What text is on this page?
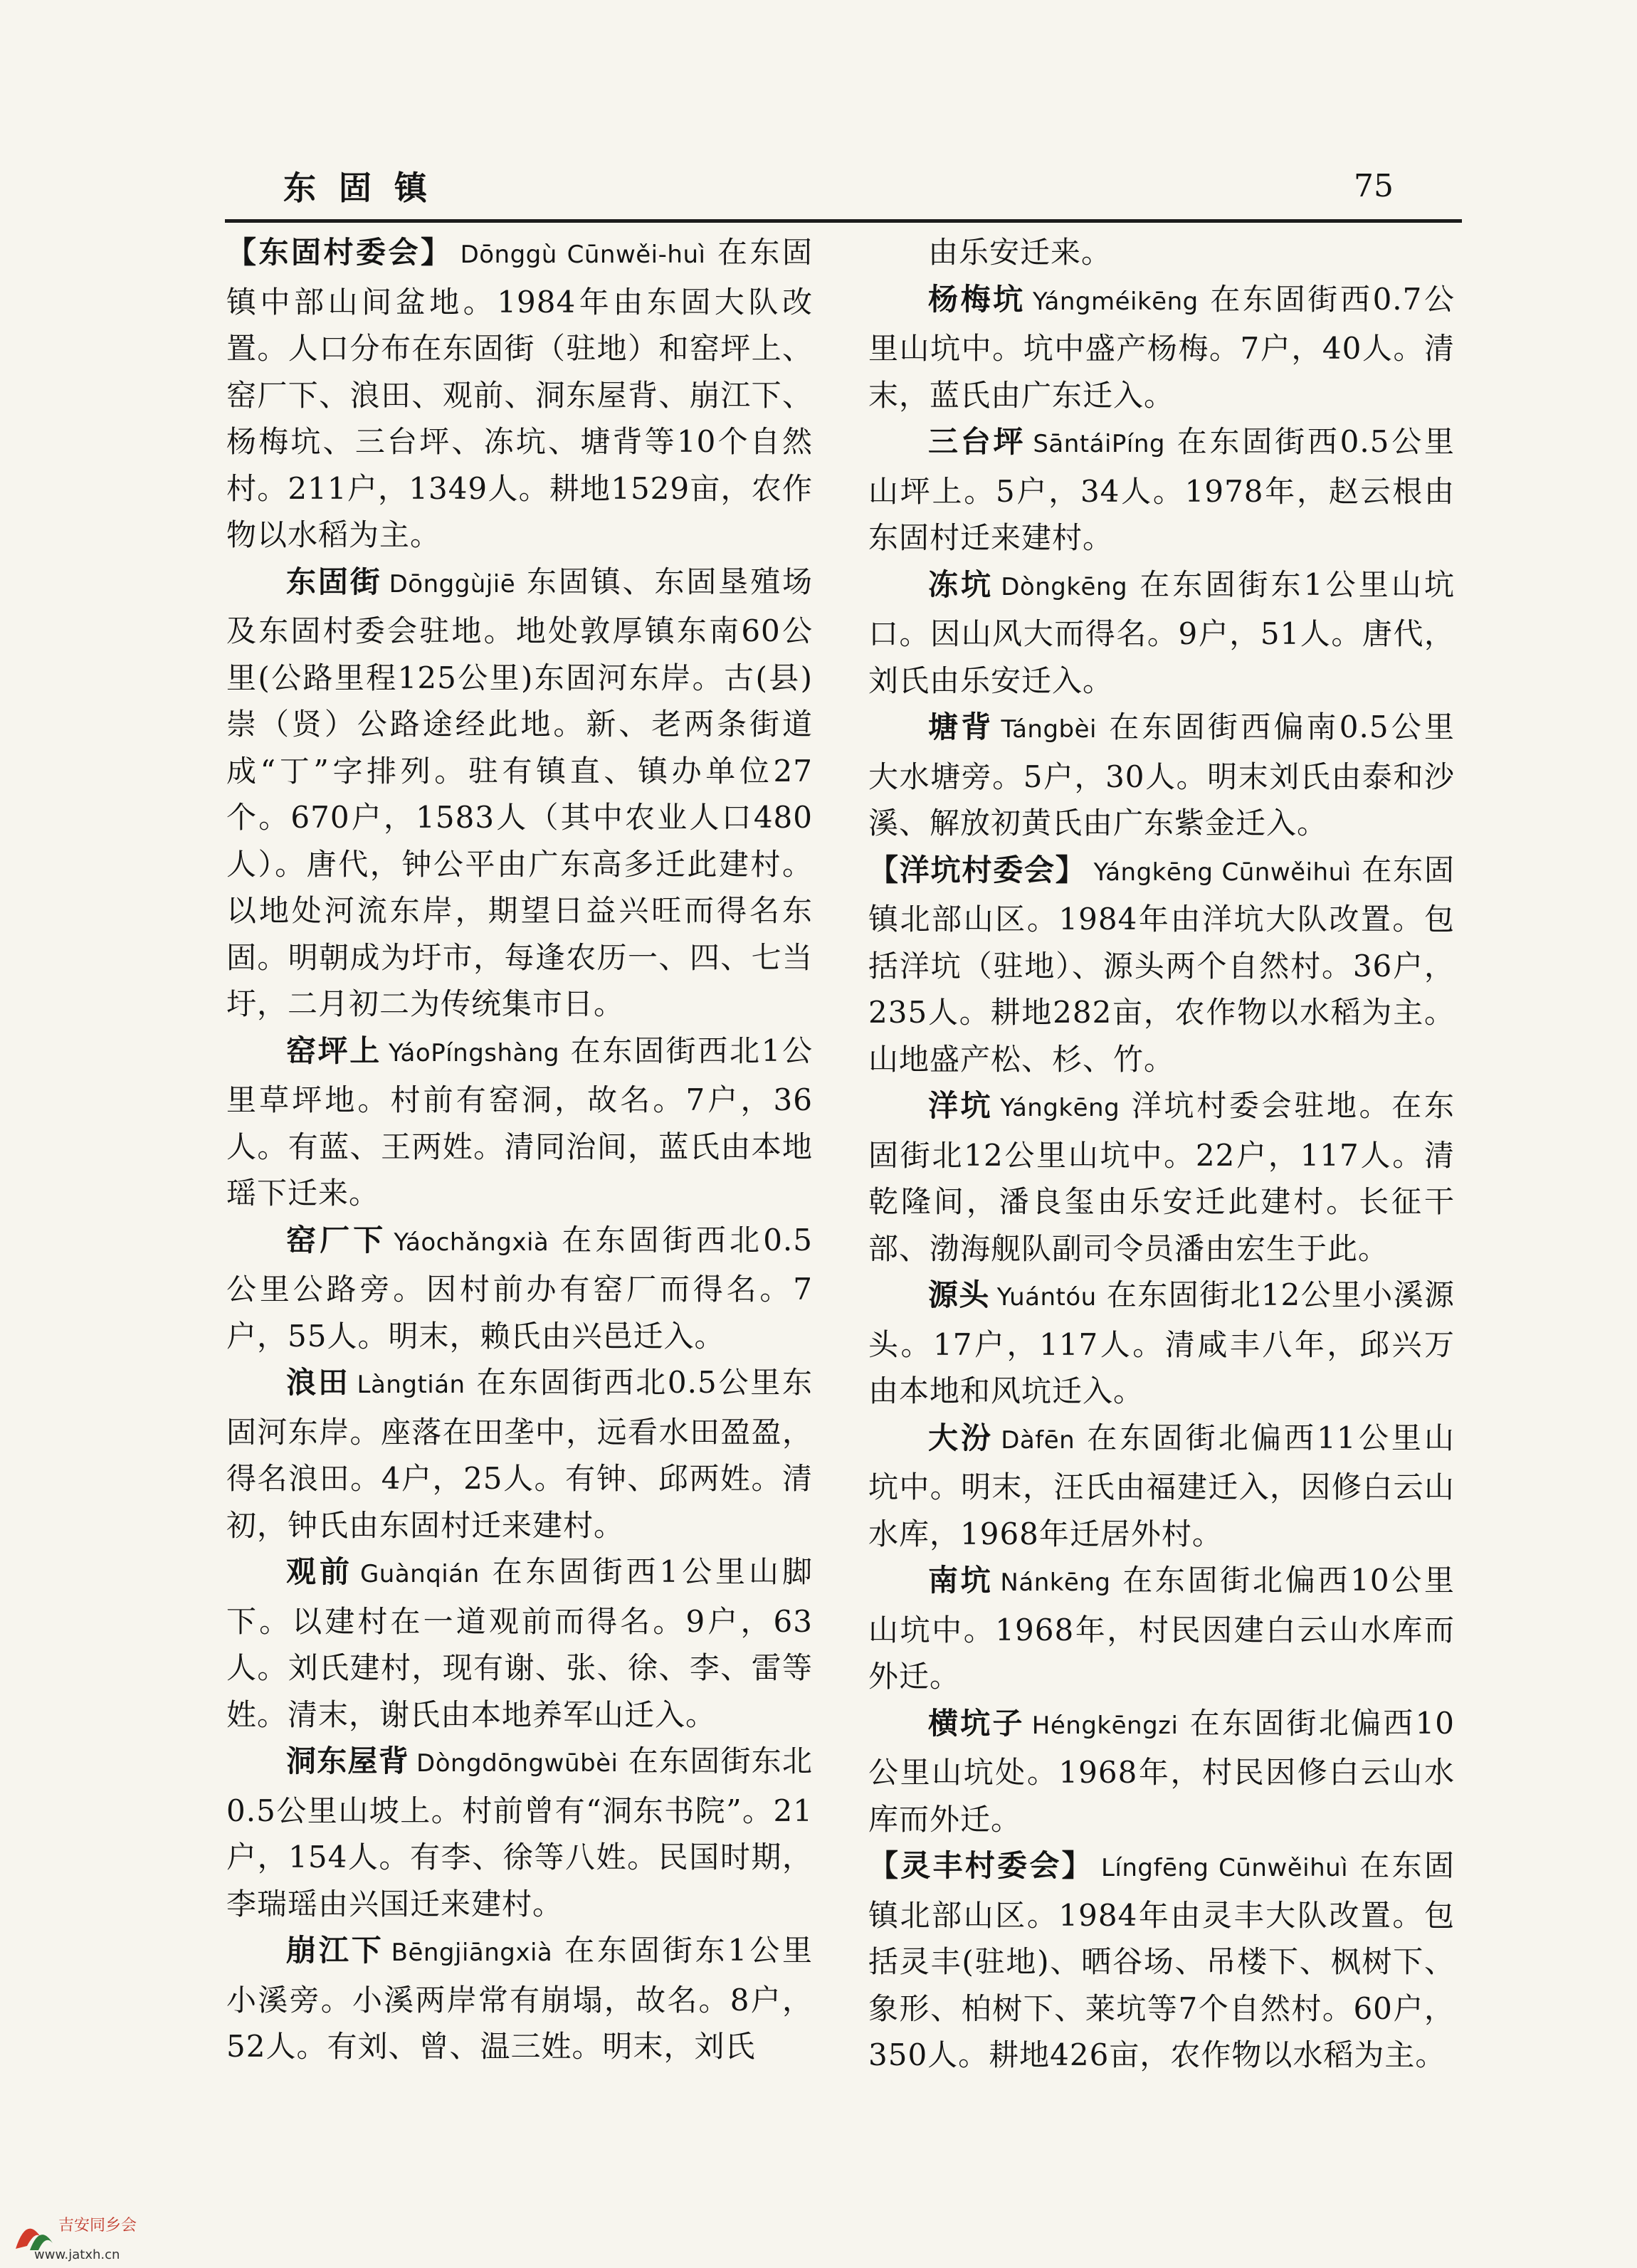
东 固 镇	75

【东固村委会】 Dōnggù Cūnwěi-huì 在东固镇中部山间盆地。1984年由东固大队改置。人口分布在东固街（驻地）和窑坪上、窑厂下、浪田、观前、洞东屋背、崩江下、杨梅坑、三台坪、冻坑、塘背等10个自然村。211户，1349人。耕地1529亩，农作物以水稻为主。

东固街 Dōnggùjiē 东固镇、东固垦殖场及东固村委会驻地。地处敦厚镇东南60公里(公路里程125公里)东固河东岸。古(县)崇（贤）公路途经此地。新、老两条街道成“丁”字排列。驻有镇直、镇办单位27个。670户，1583人（其中农业人口480人）。唐代，钟公平由广东高多迁此建村。以地处河流东岸，期望日益兴旺而得名东固。明朝成为圩市，每逢农历一、四、七当圩，二月初二为传统集市日。

窑坪上 YáoPíngshàng 在东固街西北1公里草坪地。村前有窑洞，故名。7户，36人。有蓝、王两姓。清同治间，蓝氏由本地瑶下迁来。

窑厂下 Yáochǎngxià 在东固街西北0.5公里公路旁。因村前办有窑厂而得名。7户，55人。明末，赖氏由兴邑迁入。

浪田 Làngtián 在东固街西北0.5公里东固河东岸。座落在田垄中，远看水田盈盈，得名浪田。4户，25人。有钟、邱两姓。清初，钟氏由东固村迁来建村。

观前 Guànqián 在东固街西1公里山脚下。以建村在一道观前而得名。9户，63人。刘氏建村，现有谢、张、徐、李、雷等姓。清末，谢氏由本地养军山迁入。

洞东屋背 Dòngdōngwūbèi 在东固街东北0.5公里山坡上。村前曾有“洞东书院”。21户，154人。有李、徐等八姓。民国时期，李瑞瑶由兴国迁来建村。

崩江下 Bēngjiāngxià 在东固街东1公里小溪旁。小溪两岸常有崩塌，故名。8户，52人。有刘、曾、温三姓。明末，刘氏

由乐安迁来。

杨梅坑 Yángméikēng 在东固街西0.7公里山坑中。坑中盛产杨梅。7户，40人。清末，蓝氏由广东迁入。

三台坪 SāntáiPíng 在东固街西0.5公里山坪上。5户，34人。1978年，赵云根由东固村迁来建村。

冻坑 Dòngkēng 在东固街东1公里山坑口。因山风大而得名。9户，51人。唐代，刘氏由乐安迁入。

塘背 Tángbèi 在东固街西偏南0.5公里大水塘旁。5户，30人。明末刘氏由泰和沙溪、解放初黄氏由广东紫金迁入。

【洋坑村委会】 Yángkēng Cūnwěihuì 在东固镇北部山区。1984年由洋坑大队改置。包括洋坑（驻地）、源头两个自然村。36户，235人。耕地282亩，农作物以水稻为主。山地盛产松、杉、竹。

洋坑 Yángkēng 洋坑村委会驻地。在东固街北12公里山坑中。22户，117人。清乾隆间，潘良玺由乐安迁此建村。长征干部、渤海舰队副司令员潘由宏生于此。

源头 Yuántóu 在东固街北12公里小溪源头。17户，117人。清咸丰八年，邱兴万由本地和风坑迁入。

大汾 Dàfēn 在东固街北偏西11公里山坑中。明末，汪氏由福建迁入，因修白云山水库，1968年迁居外村。

南坑 Nánkēng 在东固街北偏西10公里山坑中。1968年，村民因建白云山水库而外迁。

横坑子 Héngkēngzi 在东固街北偏西10公里山坑处。1968年，村民因修白云山水库而外迁。

【灵丰村委会】 Língfēng Cūnwěihuì 在东固镇北部山区。1984年由灵丰大队改置。包括灵丰(驻地)、晒谷场、吊楼下、枫树下、象形、柏树下、莱坑等7个自然村。60户，350人。耕地426亩，农作物以水稻为主。

吉安同乡会
www.jatxh.cn
